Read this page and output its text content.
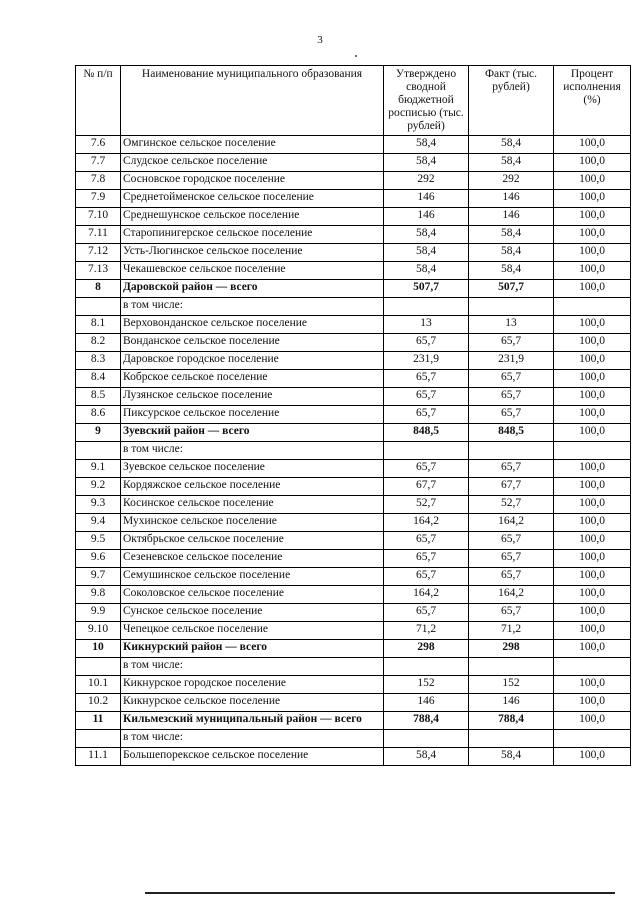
3
№ п/п	Наименование муниципального образования	Утверждено сводной бюджетной росписью (тыс. рублей)	Факт (тыс. рублей)	Процент исполнения (%)
7.6	Омгинское сельское поселение	58,4	58,4	100,0
7.7	Слудское сельское поселение	58,4	58,4	100,0
7.8	Сосновское городское поселение	292	292	100,0
7.9	Среднетойменское сельское поселение	146	146	100,0
7.10	Среднешунское сельское поселение	146	146	100,0
7.11	Старопинигерское сельское поселение	58,4	58,4	100,0
7.12	Усть-Люгинское сельское поселение	58,4	58,4	100,0
7.13	Чекашевское сельское поселение	58,4	58,4	100,0
8	Даровской район — всего	507,7	507,7	100,0
	в том числе:			
8.1	Верховонданское сельское поселение	13	13	100,0
8.2	Вонданское сельское поселение	65,7	65,7	100,0
8.3	Даровское городское поселение	231,9	231,9	100,0
8.4	Кобрское сельское поселение	65,7	65,7	100,0
8.5	Лузянское сельское поселение	65,7	65,7	100,0
8.6	Пиксурское сельское поселение	65,7	65,7	100,0
9	Зуевский район — всего	848,5	848,5	100,0
	в том числе:			
9.1	Зуевское сельское поселение	65,7	65,7	100,0
9.2	Кордяжское сельское поселение	67,7	67,7	100,0
9.3	Косинское сельское поселение	52,7	52,7	100,0
9.4	Мухинское сельское поселение	164,2	164,2	100,0
9.5	Октябрьское сельское поселение	65,7	65,7	100,0
9.6	Сезеневское сельское поселение	65,7	65,7	100,0
9.7	Семушинское сельское поселение	65,7	65,7	100,0
9.8	Соколовское сельское поселение	164,2	164,2	100,0
9.9	Сунское сельское поселение	65,7	65,7	100,0
9.10	Чепецкое сельское поселение	71,2	71,2	100,0
10	Кикнурский район — всего	298	298	100,0
	в том числе:			
10.1	Кикнурское городское поселение	152	152	100,0
10.2	Кикнурское сельское поселение	146	146	100,0
11	Кильмезский муниципальный район — всего	788,4	788,4	100,0
	в том числе:			
11.1	Большепорекское сельское поселение	58,4	58,4	100,0
